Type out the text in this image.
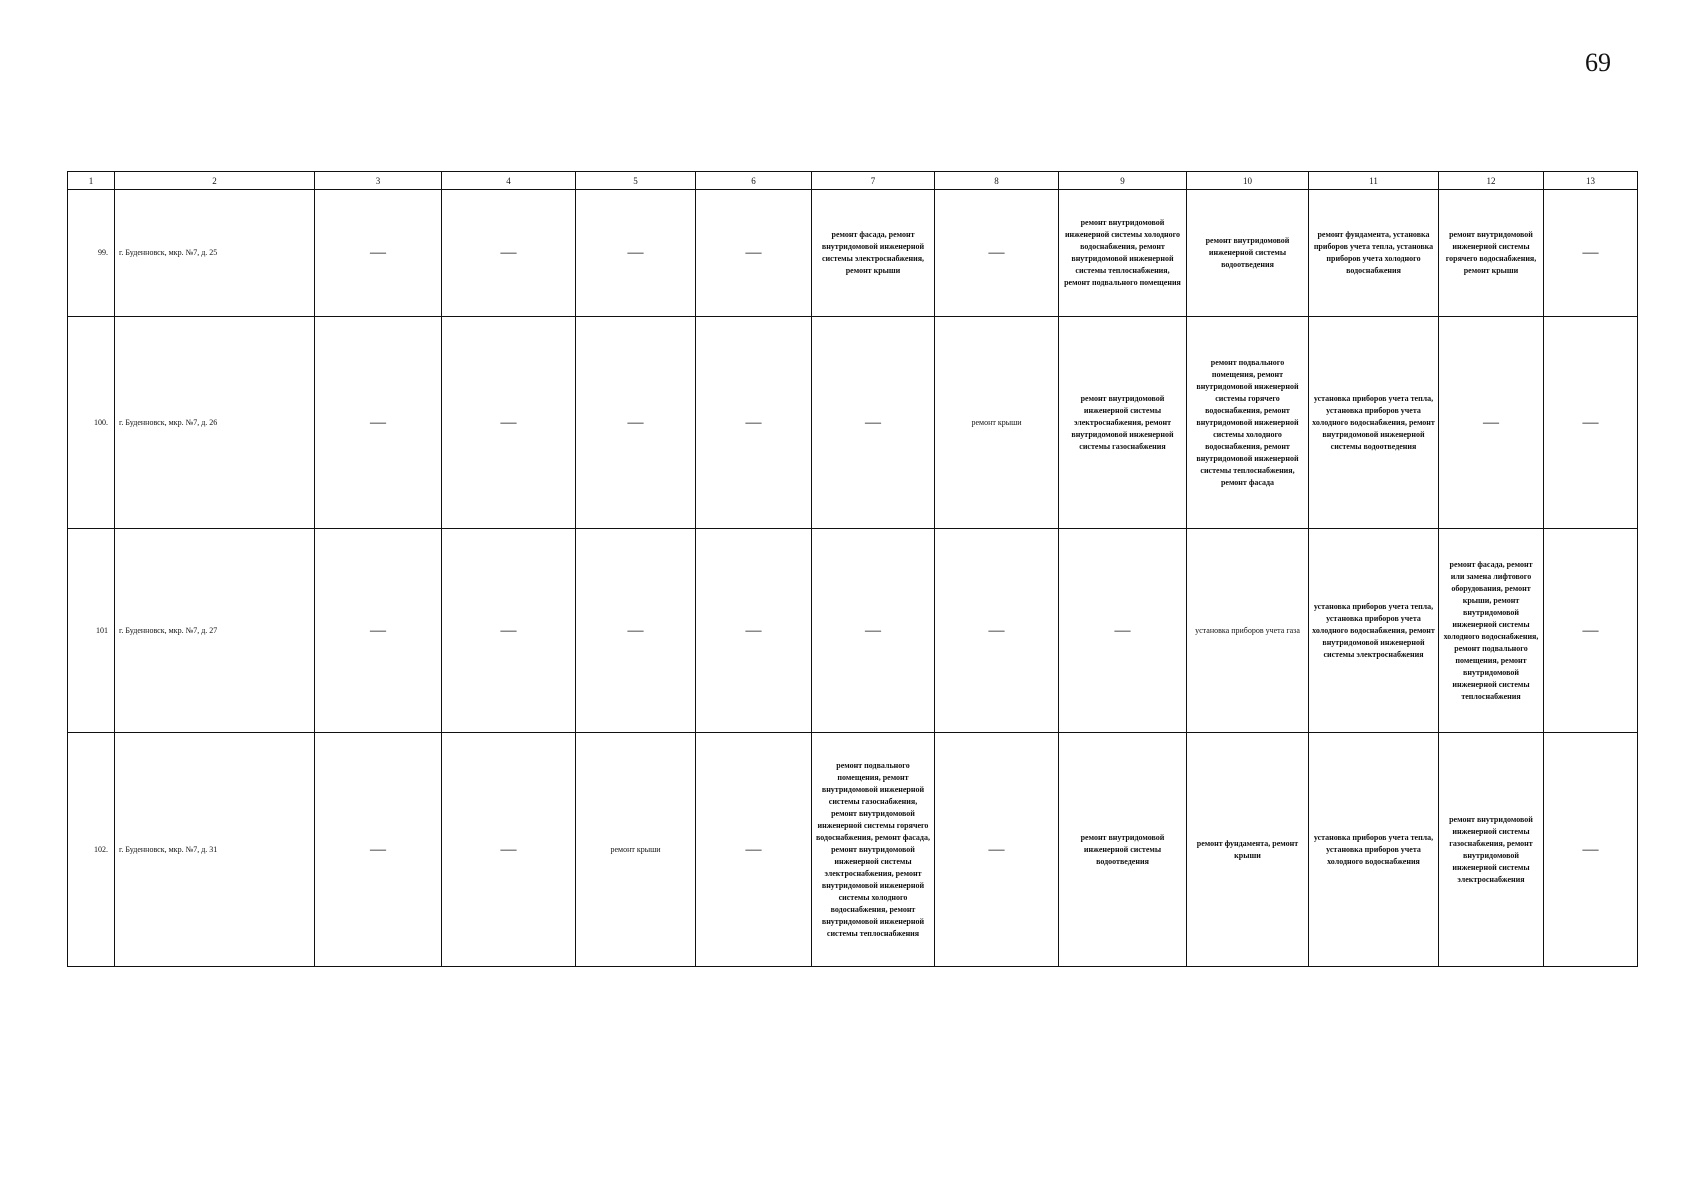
69
1	2	3	4	5	6	7	8	9	10	11	12	13
99.	г. Буденновск, мкр. №7, д. 25	—	—	—	—	ремонт фасада, ремонт внутридомовой инженерной системы электроснабжения, ремонт крыши	—	ремонт внутридомовой инженерной системы холодного водоснабжения, ремонт внутридомовой инженерной системы теплоснабжения, ремонт подвального помещения	ремонт внутридомовой инженерной системы водоотведения	ремонт фундамента, установка приборов учета тепла, установка приборов учета холодного водоснабжения	ремонт внутридомовой инженерной системы горячего водоснабжения, ремонт крыши	—
100.	г. Буденновск, мкр. №7, д. 26	—	—	—	—	—	ремонт крыши	ремонт внутридомовой инженерной системы электроснабжения, ремонт внутридомовой инженерной системы газоснабжения	ремонт подвального помещения, ремонт внутридомовой инженерной системы горячего водоснабжения, ремонт внутридомовой инженерной системы холодного водоснабжения, ремонт внутридомовой инженерной системы теплоснабжения, ремонт фасада	установка приборов учета тепла, установка приборов учета холодного водоснабжения, ремонт внутридомовой инженерной системы водоотведения	—	—
101	г. Буденновск, мкр. №7, д. 27	—	—	—	—	—	—	—	установка приборов учета газа	установка приборов учета тепла, установка приборов учета холодного водоснабжения, ремонт внутридомовой инженерной системы электроснабжения	ремонт фасада, ремонт или замена лифтового оборудования, ремонт крыши, ремонт внутридомовой инженерной системы холодного водоснабжения, ремонт подвального помещения, ремонт внутридомовой инженерной системы теплоснабжения	—
102.	г. Буденновск, мкр. №7, д. 31	—	—	ремонт крыши	—	ремонт подвального помещения, ремонт внутридомовой инженерной системы газоснабжения, ремонт внутридомовой инженерной системы горячего водоснабжения, ремонт фасада, ремонт внутридомовой инженерной системы электроснабжения, ремонт внутридомовой инженерной системы холодного водоснабжения, ремонт внутридомовой инженерной системы теплоснабжения	—	ремонт внутридомовой инженерной системы водоотведения	ремонт фундамента, ремонт крыши	установка приборов учета тепла, установка приборов учета холодного водоснабжения	ремонт внутридомовой инженерной системы газоснабжения, ремонт внутридомовой инженерной системы электроснабжения	—
